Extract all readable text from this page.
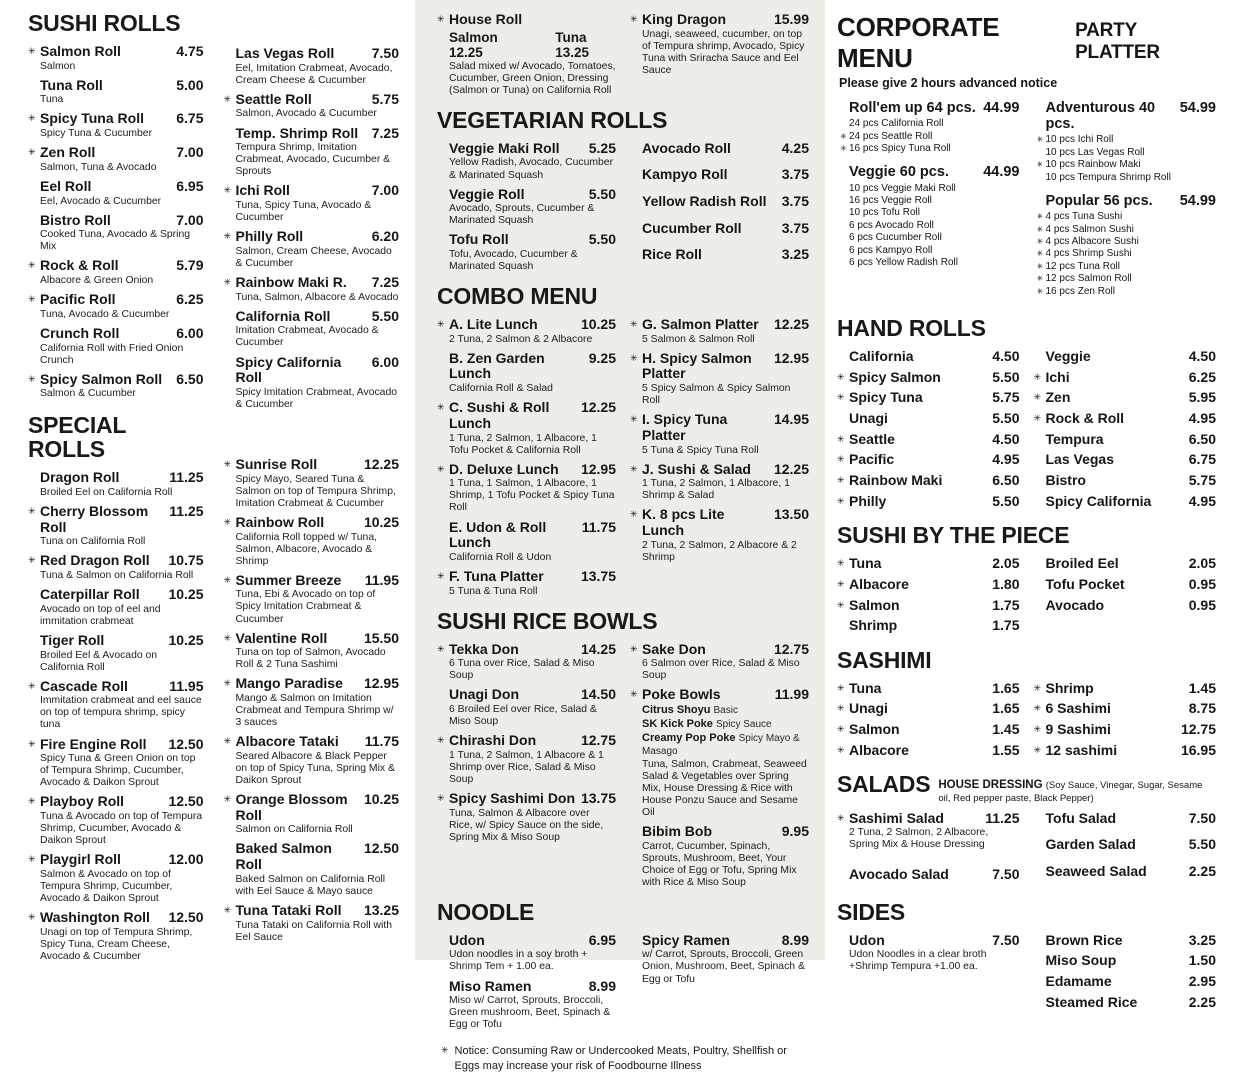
SUSHI ROLLS
✳ Salmon Roll	4.75
Salmon
Tuna Roll	5.00
Tuna
✳ Spicy Tuna Roll 6.75
Spicy Tuna & Cucumber
✳ Zen Roll	7.00
Salmon, Tuna & Avocado
Eel Roll	6.95
Eel, Avocado & Cucumber
Bistro Roll	7.00
Cooked Tuna, Avocado & Spring Mix
✳ Rock & Roll	5.79
Albacore & Green Onion
✳ Pacific Roll	6.25
Tuna, Avocado & Cucumber
Crunch Roll	6.00
California Roll with Fried Onion Crunch
✳ Spicy Salmon Roll 6.50
Salmon & Cucumber
SPECIAL ROLLS
Dragon Roll	11.25
Broiled Eel on California Roll
✳ Cherry Blossom Roll
11.25
Tuna on California Roll
✳ Red Dragon Roll 10.75
Tuna & Salmon on California Roll
Caterpillar Roll 10.25
Avocado on top of eel and immitation crabmeat
Tiger Roll	10.25
Broiled Eel & Avocado on California Roll
✳ Cascade Roll	11.95
Immitation crabmeat and eel sauce on top of tempura shrimp, spicy tuna
✳ Fire Engine Roll 12.50
Spicy Tuna & Green Onion on top of Tempura Shrimp, Cucumber, Avocado & Daikon Sprout
✳ Playboy Roll	12.50
Tuna & Avocado on top of Tempura Shrimp, Cucumber, Avocado & Daikon Sprout
✳ Playgirl Roll	12.00
Salmon & Avocado on top of Tempura Shrimp, Cucumber, Avocado & Daikon Sprout
✳ Washington Roll 12.50
Unagi on top of Tempura Shrimp, Spicy Tuna, Cream Cheese, Avocado & Cucumber
Las Vegas Roll	7.50
Eel, Imitation Crabmeat, Avocado, Cream Cheese & Cucumber
✳ Seattle Roll	5.75
Salmon, Avocado & Cucumber
Temp. Shrimp Roll 7.25
Tempura Shrimp, Imitation Crabmeat, Avocado, Cucumber & Sprouts
✳ Ichi Roll	7.00
Tuna, Spicy Tuna, Avocado & Cucumber
✳ Philly Roll	6.20
Salmon, Cream Cheese, Avocado & Cucumber
✳ Rainbow Maki R. 7.25
Tuna, Salmon, Albacore & Avocado
California Roll	5.50
Imitation Crabmeat, Avocado & Cucumber
Spicy California Roll
6.00
Spicy Imitation Crabmeat, Avocado & Cucumber
✳ Sunrise Roll	12.25
Spicy Mayo, Seared Tuna & Salmon on top of Tempura Shrimp, Imitation Crabmeat & Cucumber
✳ Rainbow Roll	10.25
California Roll topped w/ Tuna, Salmon, Albacore, Avocado & Shrimp
✳ Summer Breeze 11.95
Tuna, Ebi & Avocado on top of Spicy Imitation Crabmeat & Cucumber
✳ Valentine Roll	15.50
Tuna on top of Salmon, Avocado Roll & 2 Tuna Sashimi
✳ Mango Paradise 12.95
Mango & Salmon on Imitation Crabmeat and Tempura Shrimp w/ 3 sauces
✳ Albacore Tataki 11.75
Seared Albacore & Black Pepper on top of Spicy Tuna, Spring Mix & Daikon Sprout
✳ Orange Blossom Roll
10.25
Salmon on California Roll
Baked Salmon Roll
12.50
Baked Salmon on California Roll with Eel Sauce & Mayo sauce
✳ Tuna Tataki Roll 13.25
Tuna Tataki on California Roll with Eel Sauce
✳ House Roll
Salmon 12.25
Tuna 13.25
Salad mixed w/ Avocado, Tomatoes, Cucumber, Green Onion, Dressing (Salmon or Tuna) on California Roll
✳ King Dragon	15.99
Unagi, seaweed, cucumber, on top of Tempura shrimp, Avocado, Spicy Tuna with Sriracha Sauce and Eel Sauce
VEGETARIAN ROLLS
Veggie Maki Roll 5.25
Yellow Radish, Avocado, Cucumber & Marinated Squash
Veggie Roll	5.50
Avocado, Sprouts, Cucumber & Marinated Squash
Tofu Roll	5.50
Tofu, Avocado, Cucumber & Marinated Squash
Avocado Roll	4.25
Kampyo Roll	3.75
Yellow Radish Roll 3.75
Cucumber Roll	3.75
Rice Roll	3.25
COMBO MENU
✳ A. Lite Lunch	10.25
2 Tuna, 2 Salmon & 2 Albacore
B. Zen Garden Lunch
9.25
California Roll & Salad
✳ C. Sushi & Roll Lunch
12.25
1 Tuna, 2 Salmon, 1 Albacore, 1 Tofu Pocket & California Roll
✳ D. Deluxe Lunch 12.95
1 Tuna, 1 Salmon, 1 Albacore, 1 Shrimp, 1 Tofu Pocket & Spicy Tuna Roll
E. Udon & Roll Lunch
11.75
California Roll & Udon
✳ F. Tuna Platter	13.75
5 Tuna & Tuna Roll
✳ G. Salmon Platter 12.25
5 Salmon & Salmon Roll
✳ H. Spicy Salmon Platter
12.95
5 Spicy Salmon & Spicy Salmon Roll
✳ I. Spicy Tuna Platter
14.95
5 Tuna & Spicy Tuna Roll
✳ J. Sushi & Salad 12.25
1 Tuna, 2 Salmon, 1 Albacore, 1 Shrimp & Salad
✳ K. 8 pcs Lite Lunch
13.50
2 Tuna, 2 Salmon, 2 Albacore & 2 Shrimp
SUSHI RICE BOWLS
✳ Tekka Don	14.25
6 Tuna over Rice, Salad & Miso Soup
Unagi Don	14.50
6 Broiled Eel over Rice, Salad & Miso Soup
✳ Chirashi Don	12.75
1 Tuna, 2 Salmon, 1 Albacore & 1 Shrimp over Rice, Salad & Miso Soup
✳ Spicy Sashimi Don 13.75
Tuna, Salmon & Albacore over Rice, w/ Spicy Sauce on the side, Spring Mix & Miso Soup
✳ Sake Don	12.75
6 Salmon over Rice, Salad & Miso Soup
✳ Poke Bowls	11.99
Citrus Shoyu Basic
SK Kick Poke Spicy Sauce
Creamy Pop Poke Spicy Mayo & Masago
Tuna, Salmon, Crabmeat, Seaweed Salad & Vegetables over Spring Mix, House Dressing & Rice with House Ponzu Sauce and Sesame Oil
Bibim Bob	9.95
Carrot, Cucumber, Spinach, Sprouts, Mushroom, Beet, Your Choice of Egg or Tofu, Spring Mix with Rice & Miso Soup
NOODLE
Udon	6.95
Udon noodles in a soy broth + Shrimp Tem + 1.00 ea.
Miso Ramen	8.99
Miso w/ Carrot, Sprouts, Broccoli, Green mushroom, Beet, Spinach & Egg or Tofu
Spicy Ramen	8.99
w/ Carrot, Sprouts, Broccoli, Green Onion, Mushroom, Beet, Spinach & Egg or Tofu
✳ Notice: Consuming Raw or Undercooked Meats, Poultry, Shellfish or Eggs may increase your risk of Foodbourne Illness
CORPORATE MENU
PARTY PLATTER
Please give 2 hours advanced notice
Roll'em up 64 pcs. 44.99
24 pcs California Roll
✳ 24 pcs Seattle Roll
✳ 16 pcs Spicy Tuna Roll
Veggie 60 pcs. 44.99
10 pcs Veggie Maki Roll
16 pcs Veggie Roll
10 pcs Tofu Roll
6 pcs Avocado Roll
6 pcs Cucumber Roll
6 pcs Kampyo Roll
6 pcs Yellow Radish Roll
Adventurous 40 pcs.
54.99
✳ 10 pcs Ichi Roll
10 pcs Las Vegas Roll
✳ 10 pcs Rainbow Maki
10 pcs Tempura Shrimp Roll
Popular 56 pcs. 54.99
✳ 4 pcs Tuna Sushi
✳ 4 pcs Salmon Sushi
✳ 4 pcs Albacore Sushi
✳ 4 pcs Shrimp Sushi
✳ 12 pcs Tuna Roll
✳ 12 pcs Salmon Roll
✳ 16 pcs Zen Roll
HAND ROLLS
California	4.50
✳ Spicy Salmon	5.50
✳ Spicy Tuna	5.75
Unagi	5.50
✳ Seattle	4.50
✳ Pacific	4.95
✳ Rainbow Maki	6.50
✳ Philly	5.50
Veggie	4.50
✳ Ichi	6.25
✳ Zen	5.95
✳ Rock & Roll	4.95
Tempura	6.50
Las Vegas	6.75
Bistro	5.75
Spicy California	4.95
SUSHI BY THE PIECE
✳ Tuna	2.05
✳ Albacore	1.80
✳ Salmon	1.75
Shrimp	1.75
Broiled Eel	2.05
Tofu Pocket	0.95
Avocado	0.95
SASHIMI
✳ Tuna	1.65
✳ Unagi	1.65
✳ Salmon	1.45
✳ Albacore	1.55
✳ Shrimp	1.45
✳ 6 Sashimi	8.75
✳ 9 Sashimi	12.75
✳ 12 sashimi	16.95
SALADS HOUSE DRESSING (Soy Sauce, Vinegar, Sugar, Sesame oil, Red pepper paste, Black Pepper)
✳ Sashimi Salad	11.25
2 Tuna, 2 Salmon, 2 Albacore, Spring Mix & House Dressing
Avocado Salad	7.50
Tofu Salad	7.50
Garden Salad	5.50
Seaweed Salad	2.25
SIDES
Udon	7.50
Udon Noodles in a clear broth +Shrimp Tempura +1.00 ea.
Brown Rice	3.25
Miso Soup	1.50
Edamame	2.95
Steamed Rice	2.25
